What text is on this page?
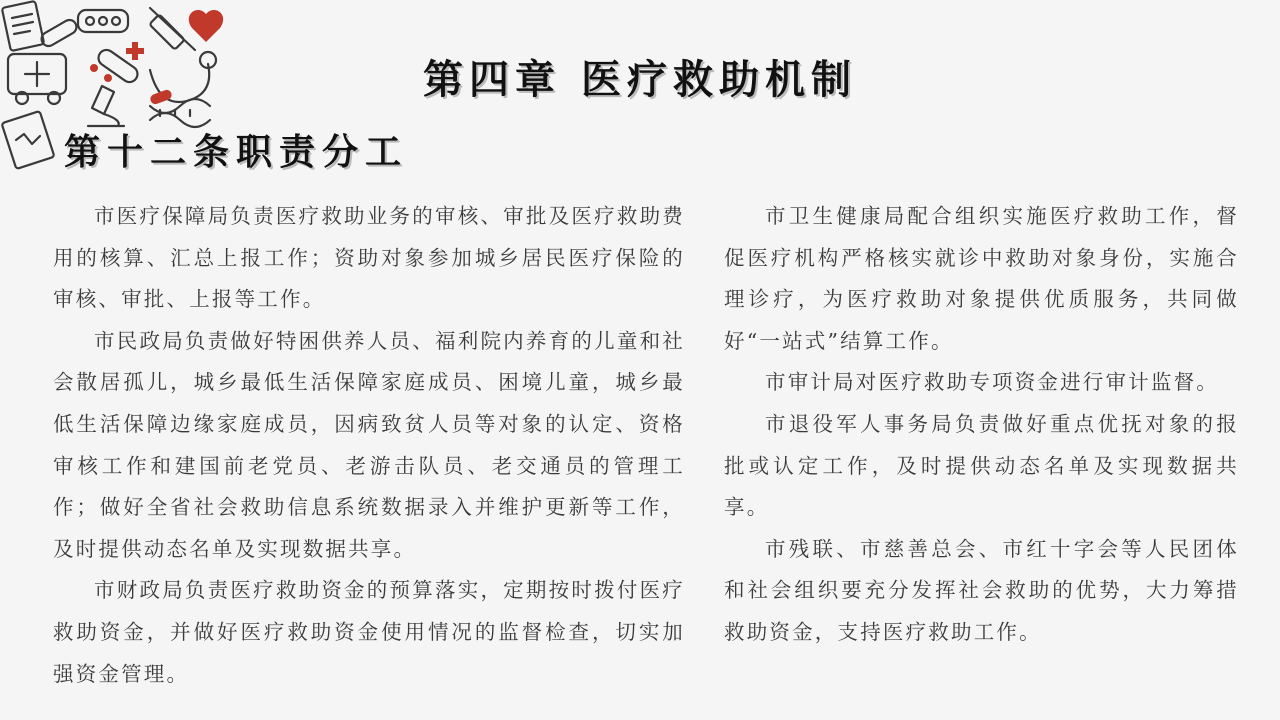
第四章 医疗救助机制
第十二条职责分工

市医疗保障局负责医疗救助业务的审核、审批及医疗救助费用的核算、汇总上报工作；资助对象参加城乡居民医疗保险的审核、审批、上报等工作。

市民政局负责做好特困供养人员、福利院内养育的儿童和社会散居孤儿，城乡最低生活保障家庭成员、困境儿童，城乡最低生活保障边缘家庭成员，因病致贫人员等对象的认定、资格审核工作和建国前老党员、老游击队员、老交通员的管理工作；做好全省社会救助信息系统数据录入并维护更新等工作，及时提供动态名单及实现数据共享。

市财政局负责医疗救助资金的预算落实，定期按时拨付医疗救助资金，并做好医疗救助资金使用情况的监督检查，切实加强资金管理。

市卫生健康局配合组织实施医疗救助工作，督促医疗机构严格核实就诊中救助对象身份，实施合理诊疗，为医疗救助对象提供优质服务，共同做好“一站式”结算工作。

市审计局对医疗救助专项资金进行审计监督。

市退役军人事务局负责做好重点优抚对象的报批或认定工作，及时提供动态名单及实现数据共享。

市残联、市慈善总会、市红十字会等人民团体和社会组织要充分发挥社会救助的优势，大力筹措救助资金，支持医疗救助工作。
